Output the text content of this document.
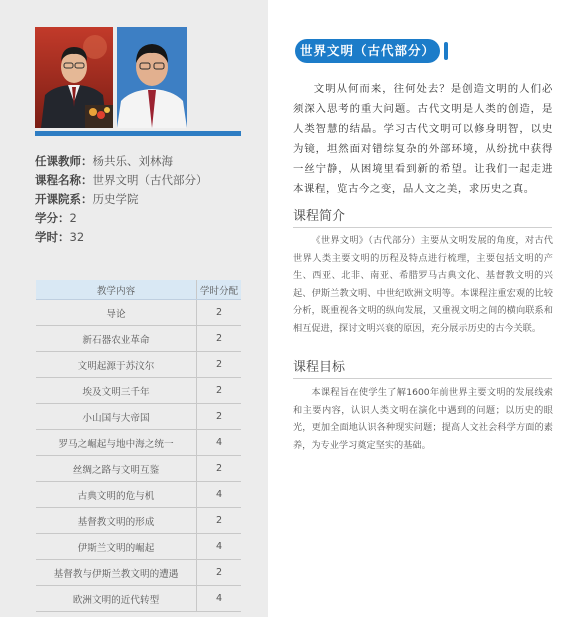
任课教师：杨共乐、刘林海
课程名称：世界文明（古代部分）
开课院系：历史学院
学分：2
学时：32
教学内容	学时分配
导论	2
新石器农业革命	2
文明起源于苏汶尔	2
埃及文明三千年	2
小山国与大帝国	2
罗马之崛起与地中海之统一	4
丝绸之路与文明互鉴	2
古典文明的危与机	4
基督教文明的形成	2
伊斯兰文明的崛起	4
基督教与伊斯兰教文明的遭遇	2
欧洲文明的近代转型	4
世界文明（古代部分）

文明从何而来，往何处去？是创造文明的人们必须深入思考的重大问题。古代文明是人类的创造，是人类智慧的结晶。学习古代文明可以修身明智，以史为镜，坦然面对错综复杂的外部环境，从纷扰中获得一丝宁静，从困境里看到新的希望。让我们一起走进本课程，览古今之变，品人文之美，求历史之真。

课程简介

《世界文明》（古代部分）主要从文明发展的角度，对古代世界人类主要文明的历程及特点进行梳理，主要包括文明的产生、西亚、北非、南亚、希腊罗马古典文化、基督教文明的兴起、伊斯兰教文明、中世纪欧洲文明等。本课程注重宏观的比较分析，既重视各文明的纵向发展，又重视文明之间的横向联系和相互促进，探讨文明兴衰的原因，充分展示历史的古今关联。

课程目标

本课程旨在使学生了解1600年前世界主要文明的发展线索和主要内容，认识人类文明在演化中遇到的问题；以历史的眼光，更加全面地认识各种现实问题；提高人文社会科学方面的素养，为专业学习奠定坚实的基础。
